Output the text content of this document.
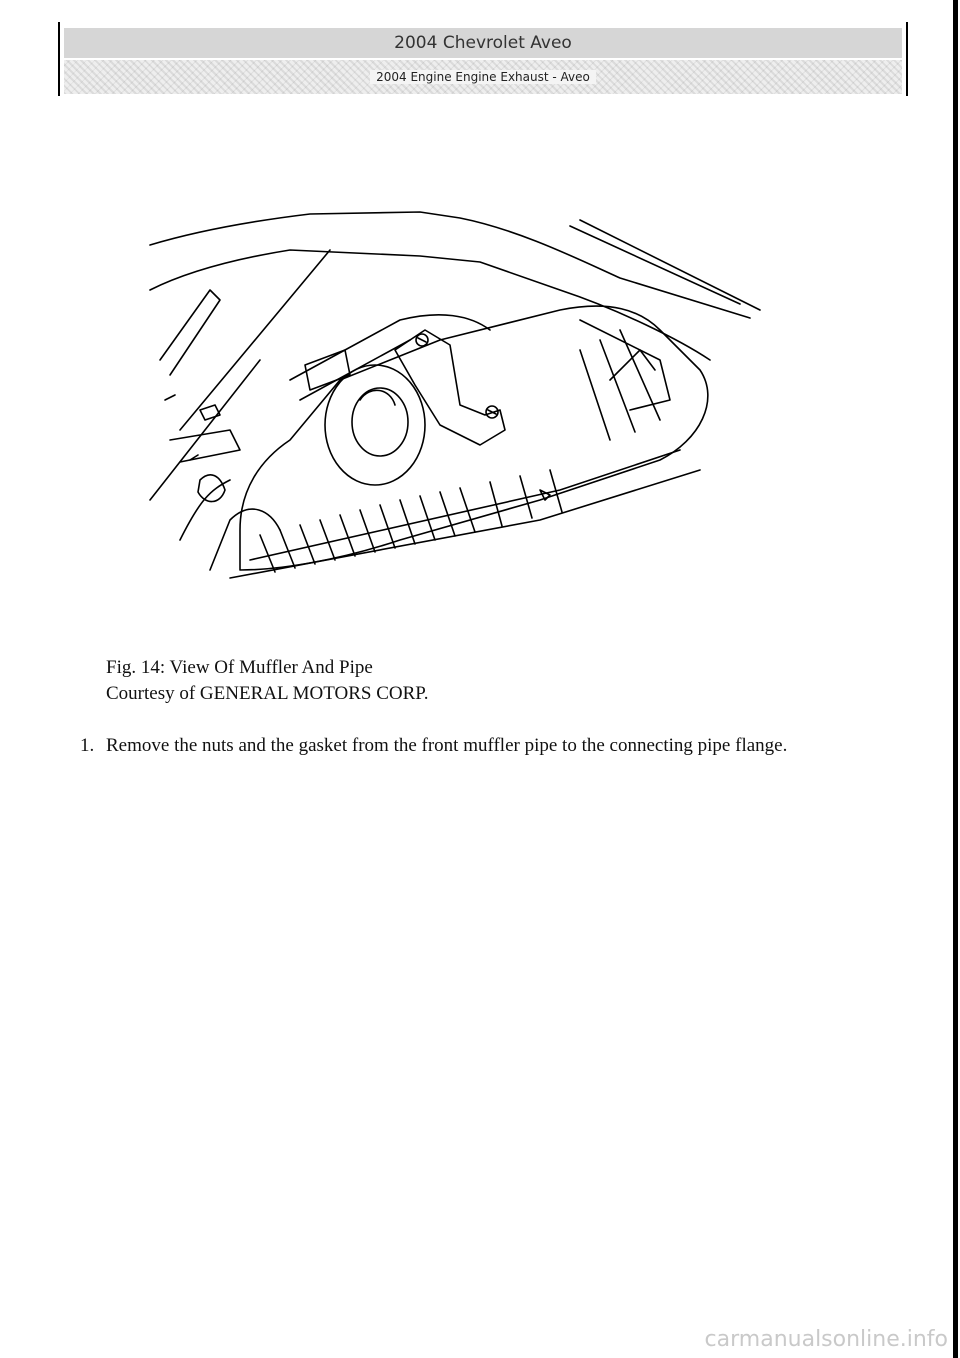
2004 Chevrolet Aveo
2004 Engine Engine Exhaust - Aveo
Fig. 14: View Of Muffler And Pipe
Courtesy of GENERAL MOTORS CORP.
1. Remove the nuts and the gasket from the front muffler pipe to the connecting pipe flange.
carmanualsonline.info
